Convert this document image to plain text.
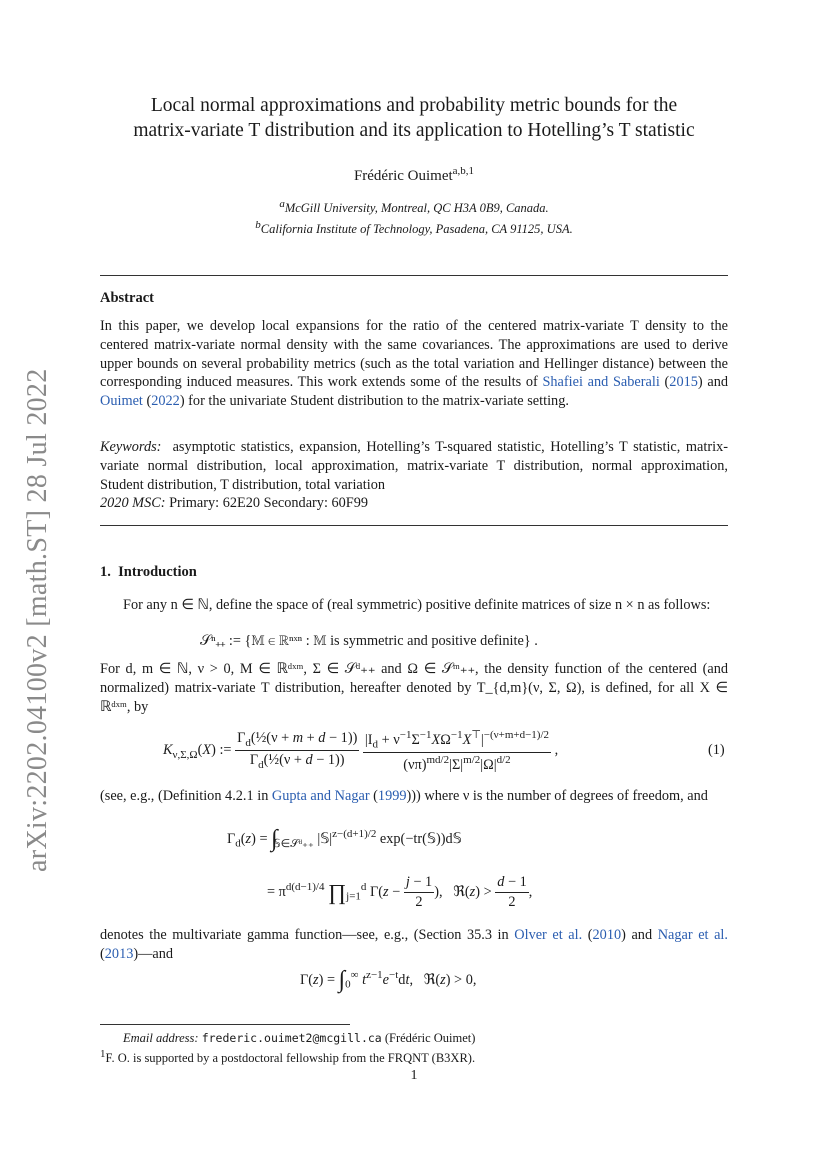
arXiv:2202.04100v2 [math.ST] 28 Jul 2022
Local normal approximations and probability metric bounds for the
matrix-variate T distribution and its application to Hotelling’s T statistic
Frédéric Ouimet$^{a,b,1}$
$^a$McGill University, Montreal, QC H3A 0B9, Canada.
$^b$California Institute of Technology, Pasadena, CA 91125, USA.
Abstract
In this paper, we develop local expansions for the ratio of the centered matrix-variate T density to the centered matrix-variate normal density with the same covariances. The approximations are used to derive upper bounds on several probability metrics (such as the total variation and Hellinger distance) between the corresponding induced measures. This work extends some of the results of Shafiei and Saberali (2015) and Ouimet (2022) for the univariate Student distribution to the matrix-variate setting.
Keywords: asymptotic statistics, expansion, Hotelling’s T-squared statistic, Hotelling’s T statistic, matrix-variate normal distribution, local approximation, matrix-variate T distribution, normal approximation, Student distribution, T distribution, total variation
2020 MSC: Primary: 62E20 Secondary: 60F99
1. Introduction
For any n ∈ ℕ, define the space of (real symmetric) positive definite matrices of size n × n as follows:
𝒮ⁿ₊₊ := {𝕄 ∈ ℝⁿˣⁿ : 𝕄 is symmetric and positive definite} .
For d, m ∈ ℕ, ν > 0, M ∈ ℝᵈˣᵐ, Σ ∈ 𝒮ᵈ₊₊ and Ω ∈ 𝒮ᵐ₊₊, the density function of the centered (and normalized) matrix-variate T distribution, hereafter denoted by T_{d,m}(ν, Σ, Ω), is defined, for all X ∈ ℝᵈˣᵐ, by
$K_{\nu,\Sigma,\Omega}(X)$ := $\frac{\Gamma_d(\frac{1}{2}(\nu + m + d - 1))}{\Gamma_d(\frac{1}{2}(\nu + d - 1))}$
$\frac{|I_d + \nu^{-1}\Sigma^{-1}X\Omega^{-1}X^⊤|^{-(\nu+m+d-1)/2}}{(\nu\pi)^{md/2}|\Sigma|^{m/2}|\Omega|^{d/2}}$ ,	(1)
(see, e.g., (Definition 4.2.1 in Gupta and Nagar (1999))) where ν is the number of degrees of freedom, and
$\Gamma_d(z) = \int_{𝕊\in 𝒮ᵈ_{++}}$ $|𝕊|^{z-(d+1)/2}$ exp(−tr(𝕊))d𝕊
= $\pi^{d(d-1)/4}$ $\prod_{j=1}^d$ $\Gamma(z - \frac{j - 1}{2}$ ),   ℜ(z) > $\frac{d - 1}{2}$ ,
denotes the multivariate gamma function—see, e.g., (Section 35.3 in Olver et al. (2010) and Nagar et al. (2013)—and
$\Gamma(z) = \int_0^\infty$ $t^{z-1}e^{-t}dt$,   ℜ(z) > 0,
Email address: frederic.ouimet2@mcgill.ca (Frédéric Ouimet)
$^1$F. O. is supported by a postdoctoral fellowship from the FRQNT (B3XR).
1
